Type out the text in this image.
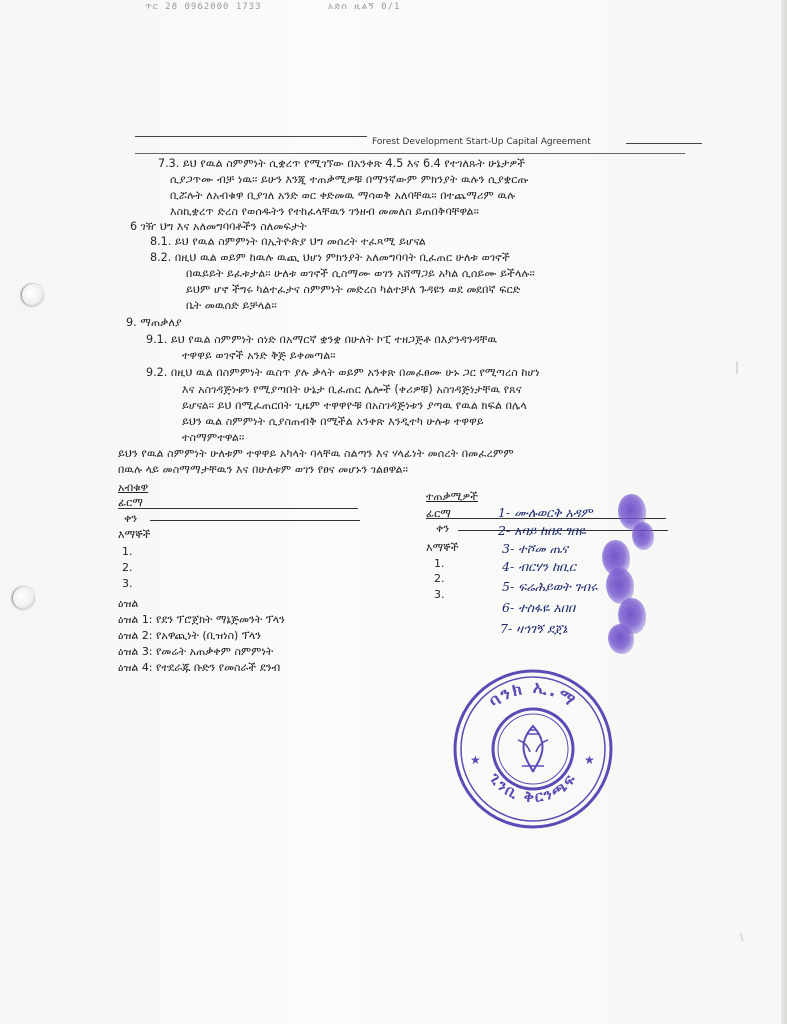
ጥር 28 0962000 1733	አድስ ዚልኝ 0/1
Forest Development Start-Up Capital Agreement
7.3. ይህ የዉል ስምምነት ሲቋረጥ የሚገኘው በአንቀጽ 4.5 እና 6.4 የተገለጹት ሁኔታዎች
ሲያጋጥሙ ብቻ ነዉ፡፡ ይሁን እንጂ ተጠቃሚዎቹ በማንኛውም ምክንያት ዉሉን ሲያቋርጡ
ቢሯሉት ለአብቁዋ ቢያገለ አንድ ወር ቀድመዉ ማሳወቅ አለባቸዉ፡፡ በተጨማሪም ዉሉ
እስኪቋረጥ ድረስ የወሰዱትን የተከፈላቸዉን ገንዘብ መመለስ ይጠበቅባቸዋል፡፡
6 ገዥ ህግ እና አለመግባባቶችን ስለመፍታት
8.1. ይህ የዉል ስምምነት በኢትዮጵያ ህግ መሰረት ተፈጻሚ ይሆናል
8.2. በዚህ ዉል ወይም ከዉሉ ዉጪ ህሆነ ምክንያት አለመግባባት ቢፈጠር ሁለቱ ወገኖች
በዉይይት ይፈቱታል፡፡ ሁለቱ ወገኖች ሲስማሙ ወገን አሸማጋይ አካል ሲሰይሙ ይችላሉ፡፡
ይህም ሆኖ ችግሩ ካልተፈታና ስምምነት መድረስ ካልተቻለ ጉዳዩን ወደ መደበኛ ፍርድ
ቤት መዉሰድ ይቻላል፡፡
9. ማጠቃለያ
9.1. ይህ የዉል ስምምነት ሰነድ በአማርኛ ቋንቋ በሁለት ኮፒ ተዘጋጅቶ በእያንዳንዳቸዉ
ተዋዋይ ወገኖች አንድ ቅጅ ይቀመጣል፡፡
9.2. በዚህ ዉል በስምምነት ዉስጥ ያሉ ቃላት ወይም አንቀጽ በመፈፀሙ ሁኑ ጋር የሚጣረስ ከሆነ
እና አስገዳጅነቱን የሚያጣበት ሁኔታ ቢፈጠር ሌሎች (ቀሪዎቹ) አስገዳጅነታቸዉ የጸና
ይሆናል፡፡ ይህ በሚፈጠርበት ጊዜም ተዋዋዮቹ በአስገዳጅነቱን ያጣዉ የዉል ክፍል በሌላ
ይህን ዉል ስምምነት ሲያስጠብቅ በሚችል አንቀጽ እንዲተካ ሁሉቱ ተዋዋይ
ተስማምተዋል፡፡
ይህን የዉል ስምምነት ሁለቱም ተዋዋይ አካላት ባላቸዉ ስልጣን እና ሃላፊነት መሰረት በመፈረምም
በዉሉ ላይ መስማማታቸዉን እና በሁለቱም ወገን የፀና መሆኑን ገልፀዋል፡፡
|
አብቁዋ
ፊርማ
ቀን
እማኞች
1.
2.
3.
ዕዝል
ዕዝል 1: የደን ፕሮጀክት ማኔጅመንት ፕላን
ዕዝል 2: የአዋጪነት (ቢዝነስ) ፕላን
ዕዝል 3: የመሬት አጠቃቀም ስምምነት
ዕዝል 4: የተደራጁ ቡድን የመስራች ደንብ
ተጠቃሚዎች
ፊርማ
ቀን
እማኞች
1.
2.
3.
1- ሙሉወርቅ አዳም
2- አባይ ከበደ ገበዬ
3- ተሾመ ጤና
4- ብርሃን ከቢር
5- ፍሬሕይወት ገብሩ
6- ተስፋዬ አበበ
7- ዛኅገኝ ደጀኔ
ባንክ ኢ.ማ
ጊንቢ ቅርንጫፍ
★	★
\
